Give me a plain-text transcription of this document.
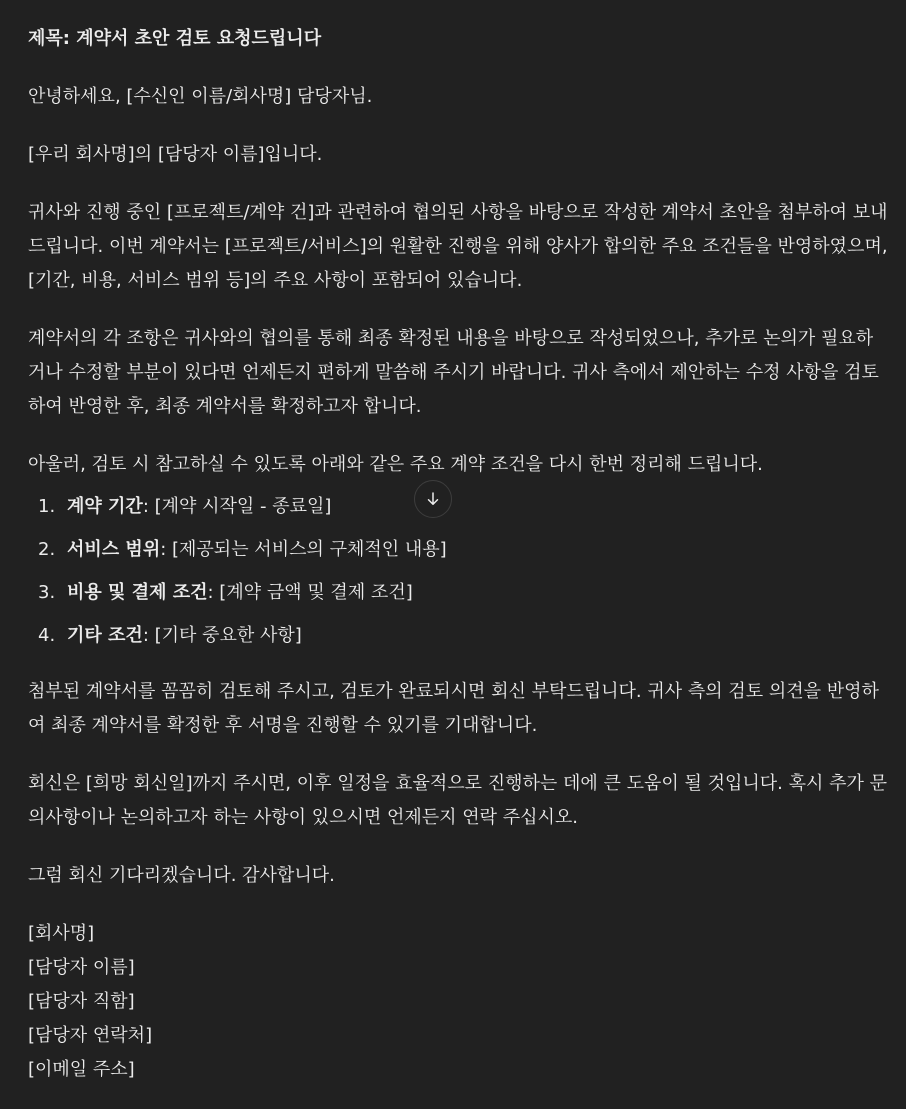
제목: 계약서 초안 검토 요청드립니다

안녕하세요, [수신인 이름/회사명] 담당자님.

[우리 회사명]의 [담당자 이름]입니다.

귀사와 진행 중인 [프로젝트/계약 건]과 관련하여 협의된 사항을 바탕으로 작성한 계약서 초안을 첨부하여 보내드립니다. 이번 계약서는 [프로젝트/서비스]의 원활한 진행을 위해 양사가 합의한 주요 조건들을 반영하였으며, [기간, 비용, 서비스 범위 등]의 주요 사항이 포함되어 있습니다.

계약서의 각 조항은 귀사와의 협의를 통해 최종 확정된 내용을 바탕으로 작성되었으나, 추가로 논의가 필요하거나 수정할 부분이 있다면 언제든지 편하게 말씀해 주시기 바랍니다. 귀사 측에서 제안하는 수정 사항을 검토하여 반영한 후, 최종 계약서를 확정하고자 합니다.

아울러, 검토 시 참고하실 수 있도록 아래와 같은 주요 계약 조건을 다시 한번 정리해 드립니다.

1. 계약 기간: [계약 시작일 - 종료일]
2. 서비스 범위: [제공되는 서비스의 구체적인 내용]
3. 비용 및 결제 조건: [계약 금액 및 결제 조건]
4. 기타 조건: [기타 중요한 사항]

첨부된 계약서를 꼼꼼히 검토해 주시고, 검토가 완료되시면 회신 부탁드립니다. 귀사 측의 검토 의견을 반영하여 최종 계약서를 확정한 후 서명을 진행할 수 있기를 기대합니다.

회신은 [희망 회신일]까지 주시면, 이후 일정을 효율적으로 진행하는 데에 큰 도움이 될 것입니다. 혹시 추가 문의사항이나 논의하고자 하는 사항이 있으시면 언제든지 연락 주십시오.

그럼 회신 기다리겠습니다. 감사합니다.

[회사명]

[담당자 이름]

[담당자 직함]

[담당자 연락처]

[이메일 주소]
